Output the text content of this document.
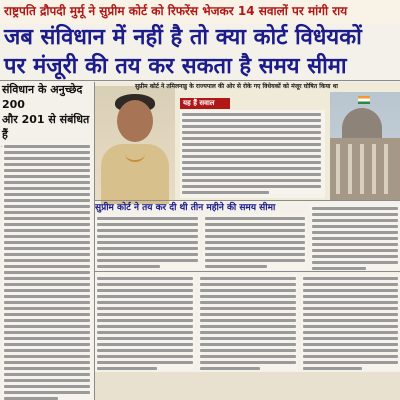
राष्ट्रपति द्रौपदी मुर्मू ने सुप्रीम कोर्ट को रिफरेंस भेजकर 14 सवालों पर मांगी राय
जब संविधान में नहीं है तो क्या कोर्ट विधेयकों
पर मंजूरी की तय कर सकता है समय सीमा
संविधान के अनुच्छेद 200
और 201 से संबंधित हैं
सुप्रीम कोर्ट ने तमिलनाडु के राज्यपाल की ओर से रोके गए विधेयकों को मंजूर घोषित किया था
यह हैं सवाल
सुप्रीम कोर्ट ने तय कर दी थी तीन महीने की समय सीमा
